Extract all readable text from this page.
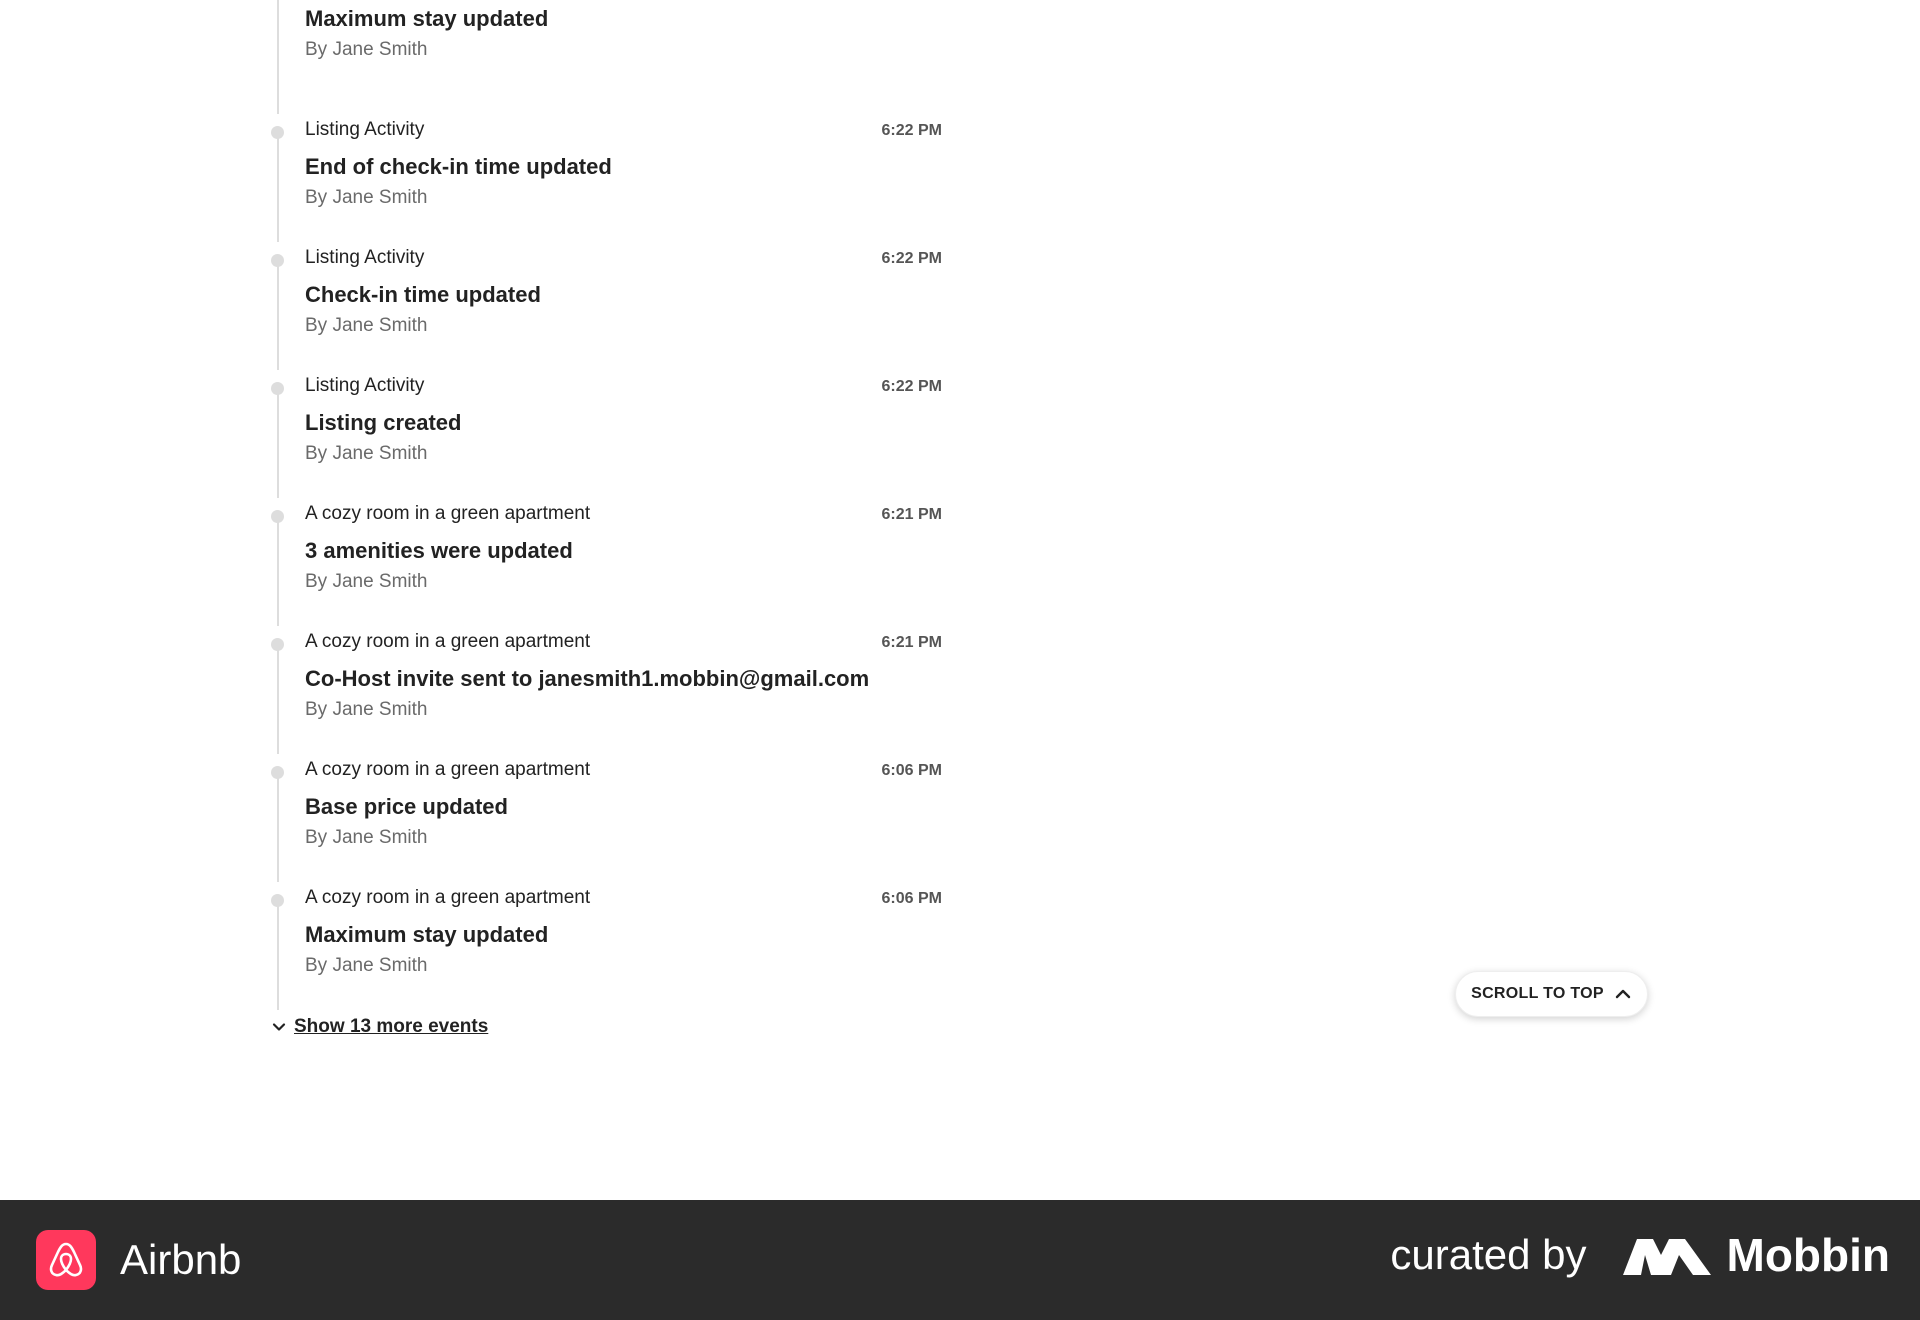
Maximum stay updated
By Jane Smith
Listing Activity	6:22 PM
End of check-in time updated
By Jane Smith
Listing Activity	6:22 PM
Check-in time updated
By Jane Smith
Listing Activity	6:22 PM
Listing created
By Jane Smith
A cozy room in a green apartment	6:21 PM
3 amenities were updated
By Jane Smith
A cozy room in a green apartment	6:21 PM
Co-Host invite sent to janesmith1.mobbin@gmail.com
By Jane Smith
A cozy room in a green apartment	6:06 PM
Base price updated
By Jane Smith
A cozy room in a green apartment	6:06 PM
Maximum stay updated
By Jane Smith
Show 13 more events
SCROLL TO TOP
Airbnb	curated by	Mobbin
